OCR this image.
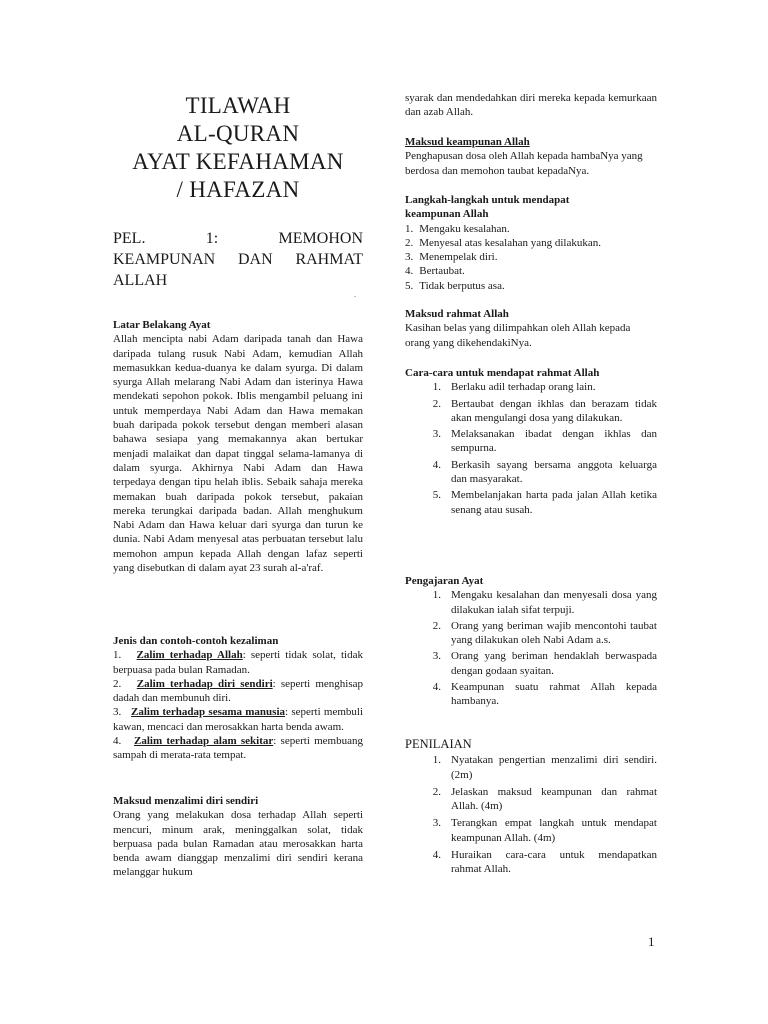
TILAWAH
AL-QURAN
AYAT KEFAHAMAN
/ HAFAZAN
PEL. 1: MEMOHON
KEAMPUNAN DAN RAHMAT
ALLAH
.
Latar Belakang Ayat
Allah mencipta nabi Adam daripada tanah dan Hawa daripada tulang rusuk Nabi Adam, kemudian Allah memasukkan kedua-duanya ke dalam syurga. Di dalam syurga Allah melarang Nabi Adam dan isterinya Hawa mendekati sepohon pokok. Iblis mengambil peluang ini untuk memperdaya Nabi Adam dan Hawa memakan buah daripada pokok tersebut dengan memberi alasan bahawa sesiapa yang memakannya akan bertukar menjadi malaikat dan dapat tinggal selama-lamanya di dalam syurga. Akhirnya Nabi Adam dan Hawa terpedaya dengan tipu helah iblis. Sebaik sahaja mereka memakan buah daripada pokok tersebut, pakaian mereka terungkai daripada badan. Allah menghukum Nabi Adam dan Hawa keluar dari syurga dan turun ke dunia. Nabi Adam menyesal atas perbuatan tersebut lalu memohon ampun kepada Allah dengan lafaz seperti yang disebutkan di dalam ayat 23 surah al-a'raf.
Jenis dan contoh-contoh kezaliman
1. Zalim terhadap Allah: seperti tidak solat, tidak berpuasa pada bulan Ramadan.
2. Zalim terhadap diri sendiri: seperti menghisap dadah dan membunuh diri.
3. Zalim terhadap sesama manusia: seperti membuli kawan, mencaci dan merosakkan harta benda awam.
4. Zalim terhadap alam sekitar: seperti membuang sampah di merata-rata tempat.
Maksud menzalimi diri sendiri
Orang yang melakukan dosa terhadap Allah seperti mencuri, minum arak, meninggalkan solat, tidak berpuasa pada bulan Ramadan atau merosakkan harta benda awam dianggap menzalimi diri sendiri kerana melanggar hukum
syarak dan mendedahkan diri mereka kepada kemurkaan dan azab Allah.
Maksud keampunan Allah
Penghapusan dosa oleh Allah kepada hambaNya yang berdosa dan memohon taubat kepadaNya.
Langkah-langkah untuk mendapat
keampunan Allah
1. Mengaku kesalahan.
2. Menyesal atas kesalahan yang dilakukan.
3. Menempelak diri.
4. Bertaubat.
5. Tidak berputus asa.
Maksud rahmat Allah
Kasihan belas yang dilimpahkan oleh Allah kepada orang yang dikehendakiNya.
Cara-cara untuk mendapat rahmat Allah
1. Berlaku adil terhadap orang lain.
2. Bertaubat dengan ikhlas dan berazam tidak akan mengulangi dosa yang dilakukan.
3. Melaksanakan ibadat dengan ikhlas dan sempurna.
4. Berkasih sayang bersama anggota keluarga dan masyarakat.
5. Membelanjakan harta pada jalan Allah ketika senang atau susah.
Pengajaran Ayat
1. Mengaku kesalahan dan menyesali dosa yang dilakukan ialah sifat terpuji.
2. Orang yang beriman wajib mencontohi taubat yang dilakukan oleh Nabi Adam a.s.
3. Orang yang beriman hendaklah berwaspada dengan godaan syaitan.
4. Keampunan suatu rahmat Allah kepada hambanya.
PENILAIAN
1. Nyatakan pengertian menzalimi diri sendiri. (2m)
2. Jelaskan maksud keampunan dan rahmat Allah. (4m)
3. Terangkan empat langkah untuk mendapat keampunan Allah. (4m)
4. Huraikan cara-cara untuk mendapatkan rahmat Allah.
1
